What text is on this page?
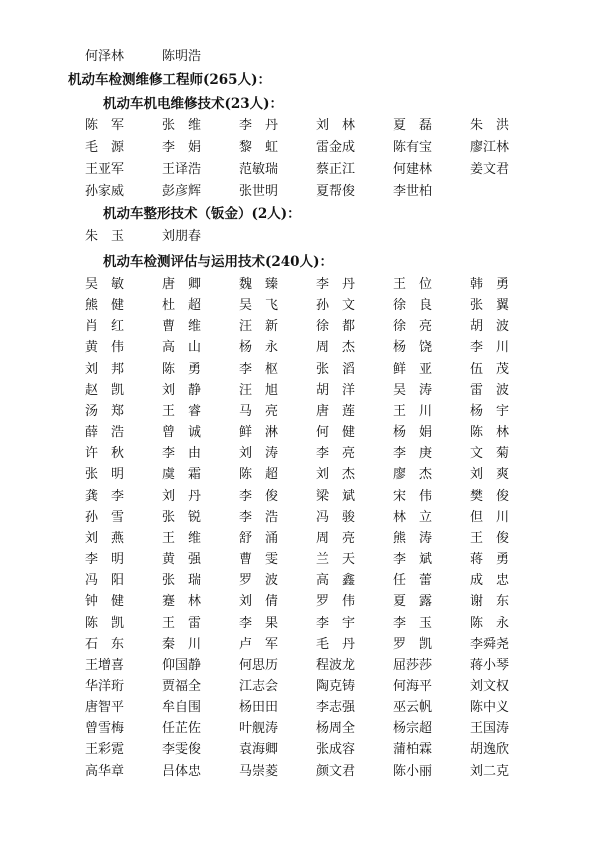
何泽林	陈明浩
机动车检测维修工程师(265人)：
机动车机电维修技术(23人)：
陈　军	张　维	李　丹	刘　林	夏　磊	朱　洪
毛　源	李　娟	黎　虹	雷金成	陈有宝	廖江林
王亚军	王译浩	范敏瑞	蔡正江	何建林	姜文君
孙家威	彭彦辉	张世明	夏帮俊	李世柏
机动车整形技术（钣金）(2人)：
朱　玉	刘朋春
机动车检测评估与运用技术(240人)：
吴　敏	唐　卿	魏　臻	李　丹	王　位	韩　勇
熊　健	杜　超	吴　飞	孙　文	徐　良	张　翼
肖　红	曹　维	汪　新	徐　都	徐　亮	胡　波
黄　伟	高　山	杨　永	周　杰	杨　饶	李　川
刘　邦	陈　勇	李　枢	张　滔	鲜　亚	伍　茂
赵　凯	刘　静	汪　旭	胡　洋	吴　涛	雷　波
汤　郑	王　睿	马　亮	唐　莲	王　川	杨　宇
薛　浩	曾　诚	鲜　淋	何　健	杨　娟	陈　林
许　秋	李　由	刘　涛	李　亮	李　庚	文　菊
张　明	虞　霜	陈　超	刘　杰	廖　杰	刘　爽
龚　李	刘　丹	李　俊	梁　斌	宋　伟	樊　俊
孙　雪	张　锐	李　浩	冯　骏	林　立	但　川
刘　燕	王　维	舒　涌	周　亮	熊　涛	王　俊
李　明	黄　强	曹　雯	兰　天	李　斌	蒋　勇
冯　阳	张　瑞	罗　波	高　鑫	任　蕾	成　忠
钟　健	蹇　林	刘　倩	罗　伟	夏　露	谢　东
陈　凯	王　雷	李　果	李　宇	李　玉	陈　永
石　东	秦　川	卢　军	毛　丹	罗　凯	李舜尧
王增喜	仰国静	何思历	程波龙	屈莎莎	蒋小琴
华洋珩	贾福全	江志会	陶克铸	何海平	刘文权
唐智平	牟自围	杨田田	李志强	巫云帆	陈中义
曾雪梅	任芷佐	叶舰涛	杨周全	杨宗超	王国涛
王彩霓	李雯俊	袁海卿	张成容	蒲柏霖	胡逸欣
高华章	吕体忠	马崇菱	颜文君	陈小丽	刘二克
